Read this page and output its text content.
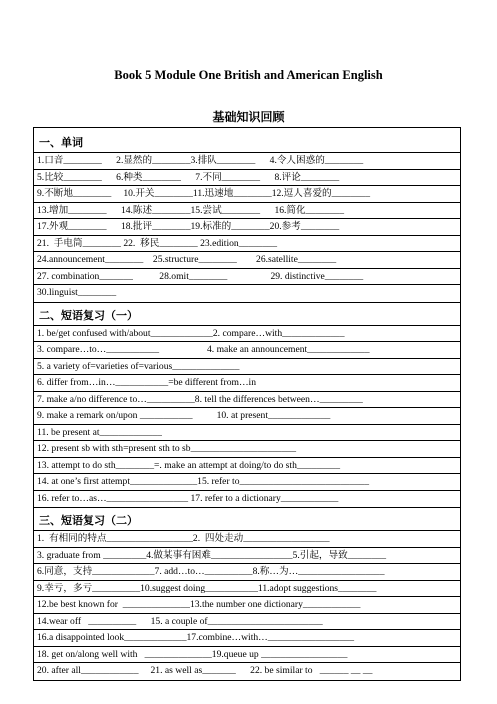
Book 5 Module One British and American English
基础知识回顾
一、单词
1.口音________      2.显然的________3.排队________      4.令人困惑的________
5.比较________      6.种类________      7.不同________      8.评论________
9.不断地________     10.开关________11.迅速地________12.逗人喜爱的________
13.增加________      14.陈述________15.尝试________      16.简化________
17.外观________      18.批评________19.标准的________20.参考________
21.  手电筒________ 22.  移民________ 23.edition________
24.announcement________    25.structure________        26.satellite________
27. combination_______           28.omit________                  29. distinctive________
30.linguist________
二、短语复习（一）
1. be/get confused with/about_____________2. compare…with_____________
3. compare…to…___________                    4. make an announcement_____________
5. a variety of=varieties of=various______________
6. differ from…in…___________=be different from…in
7. make a/no difference to…__________8. tell the differences between…_________
9. make a remark on/upon ___________          10. at present_____________
11. be present at_____________
12. present sb with sth=present sth to sb______________________
13. attempt to do sth________=. make an attempt at doing/to do sth_________
14. at one’s first attempt______________15. refer to___________________________
16. refer to…as…_________________ 17. refer to a dictionary____________
三、短语复习（二）
1.  有相同的特点__________________2.  四处走动__________________
3. graduate from _________4.做某事有困难_________________5.引起，导致________
6.同意，支持_____________7. add…to…__________8.称…为…__________________
9.幸亏，多亏__________10.suggest doing___________11.adopt suggestions________
12.be best known for  ______________13.the number one dictionary____________
14.wear off   __________      15. a couple of________________________
16.a disappointed look_____________17.combine…with…__________________
18. get on/along well with   ______________19.queue up __________________
20. after all____________     21. as well as_______      22. be similar to   ______ __ __
